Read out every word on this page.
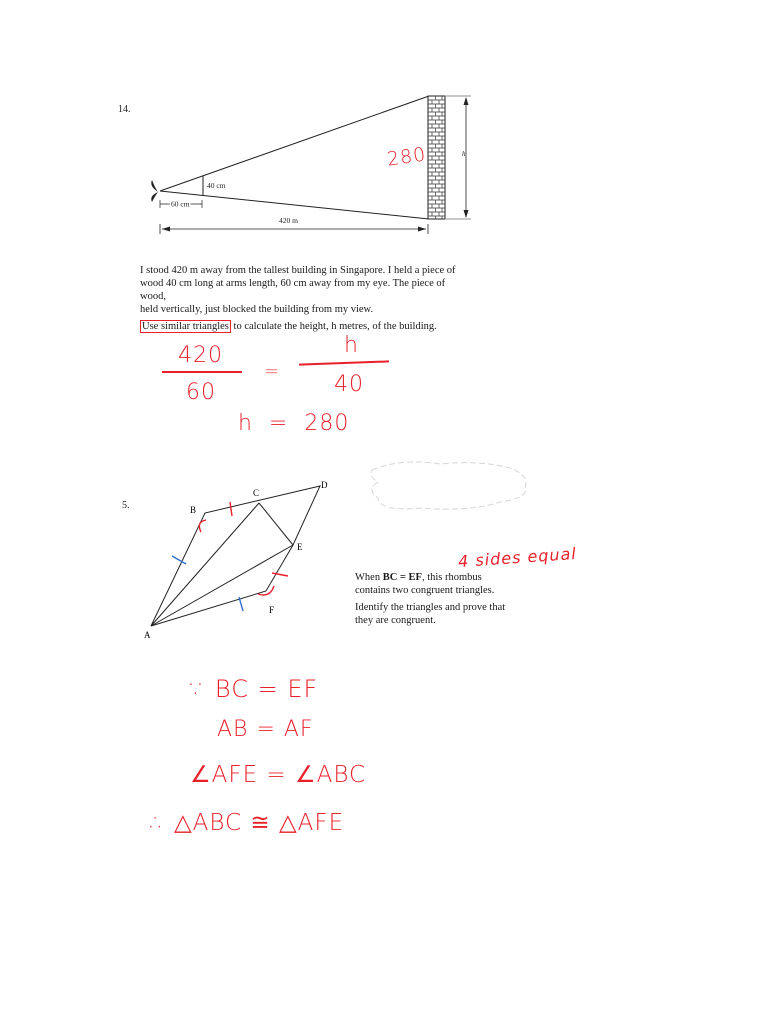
14.
40 cm
60 cm
420 m
h
280
I stood 420 m away from the tallest building in Singapore. I held a piece of
wood 40 cm long at arms length, 60 cm away from my eye. The piece of wood,
held vertically, just blocked the building from my view.
Use similar triangles to calculate the height, h metres, of the building.
420
60
=
h
40
h  =  280
5.
A
B
C
D
E
F
4 sides equal
When BC = EF, this rhombus
contains two congruent triangles.
Identify the triangles and prove that
they are congruent.
∵ BC = EF
AB = AF
∠AFE = ∠ABC
∴ △ABC ≅ △AFE
